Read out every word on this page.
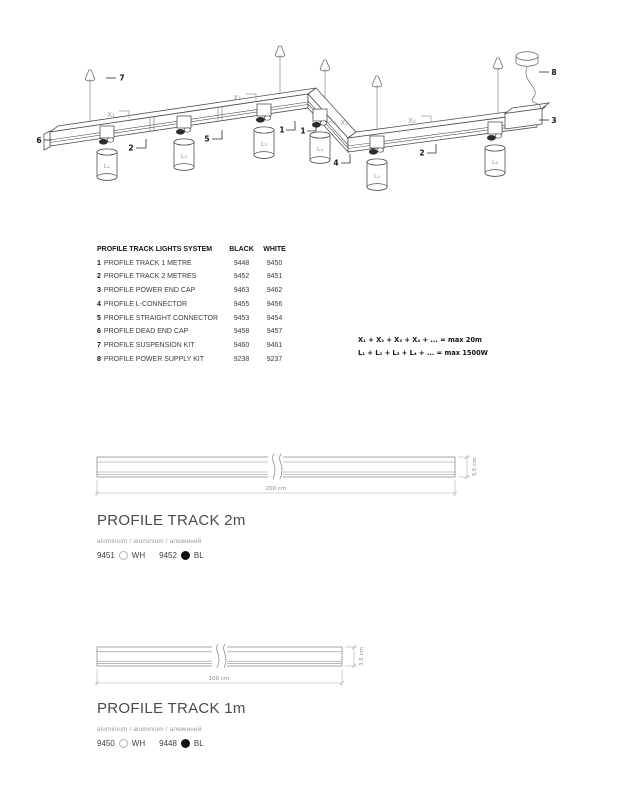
L₁
L₂
L₃
L₄
L₅
L₆
X₁
X₂
X₃	X₄
6
7
2
5
1 1
4
2
3
8
PROFILE TRACK LIGHTS SYSTEM	BLACK	WHITE
1 PROFILE TRACK 1 METRE	9448	9450
2 PROFILE TRACK 2 METRES	9452	9451
3 PROFILE POWER END CAP	9463	9462
4 PROFILE L-CONNECTOR	9455	9456
5 PROFILE STRAIGHT CONNECTOR	9453	9454
6 PROFILE DEAD END CAP	9458	9457
7 PROFILE SUSPENSION KIT	9460	9461
8 PROFILE POWER SUPPLY KIT	9238	9237
X₁ + X₂ + X₃ + X₄ + ... = max 20m
L₁ + L₂ + L₃ + L₄ + ... = max 1500W
3,5 cm
200 cm
PROFILE TRACK 2m
aluminium / aluminium / алюминий
9451 WH 9452 BL
3,5 cm
100 cm
PROFILE TRACK 1m
aluminium / aluminium / алюминий
9450 WH 9448 BL
